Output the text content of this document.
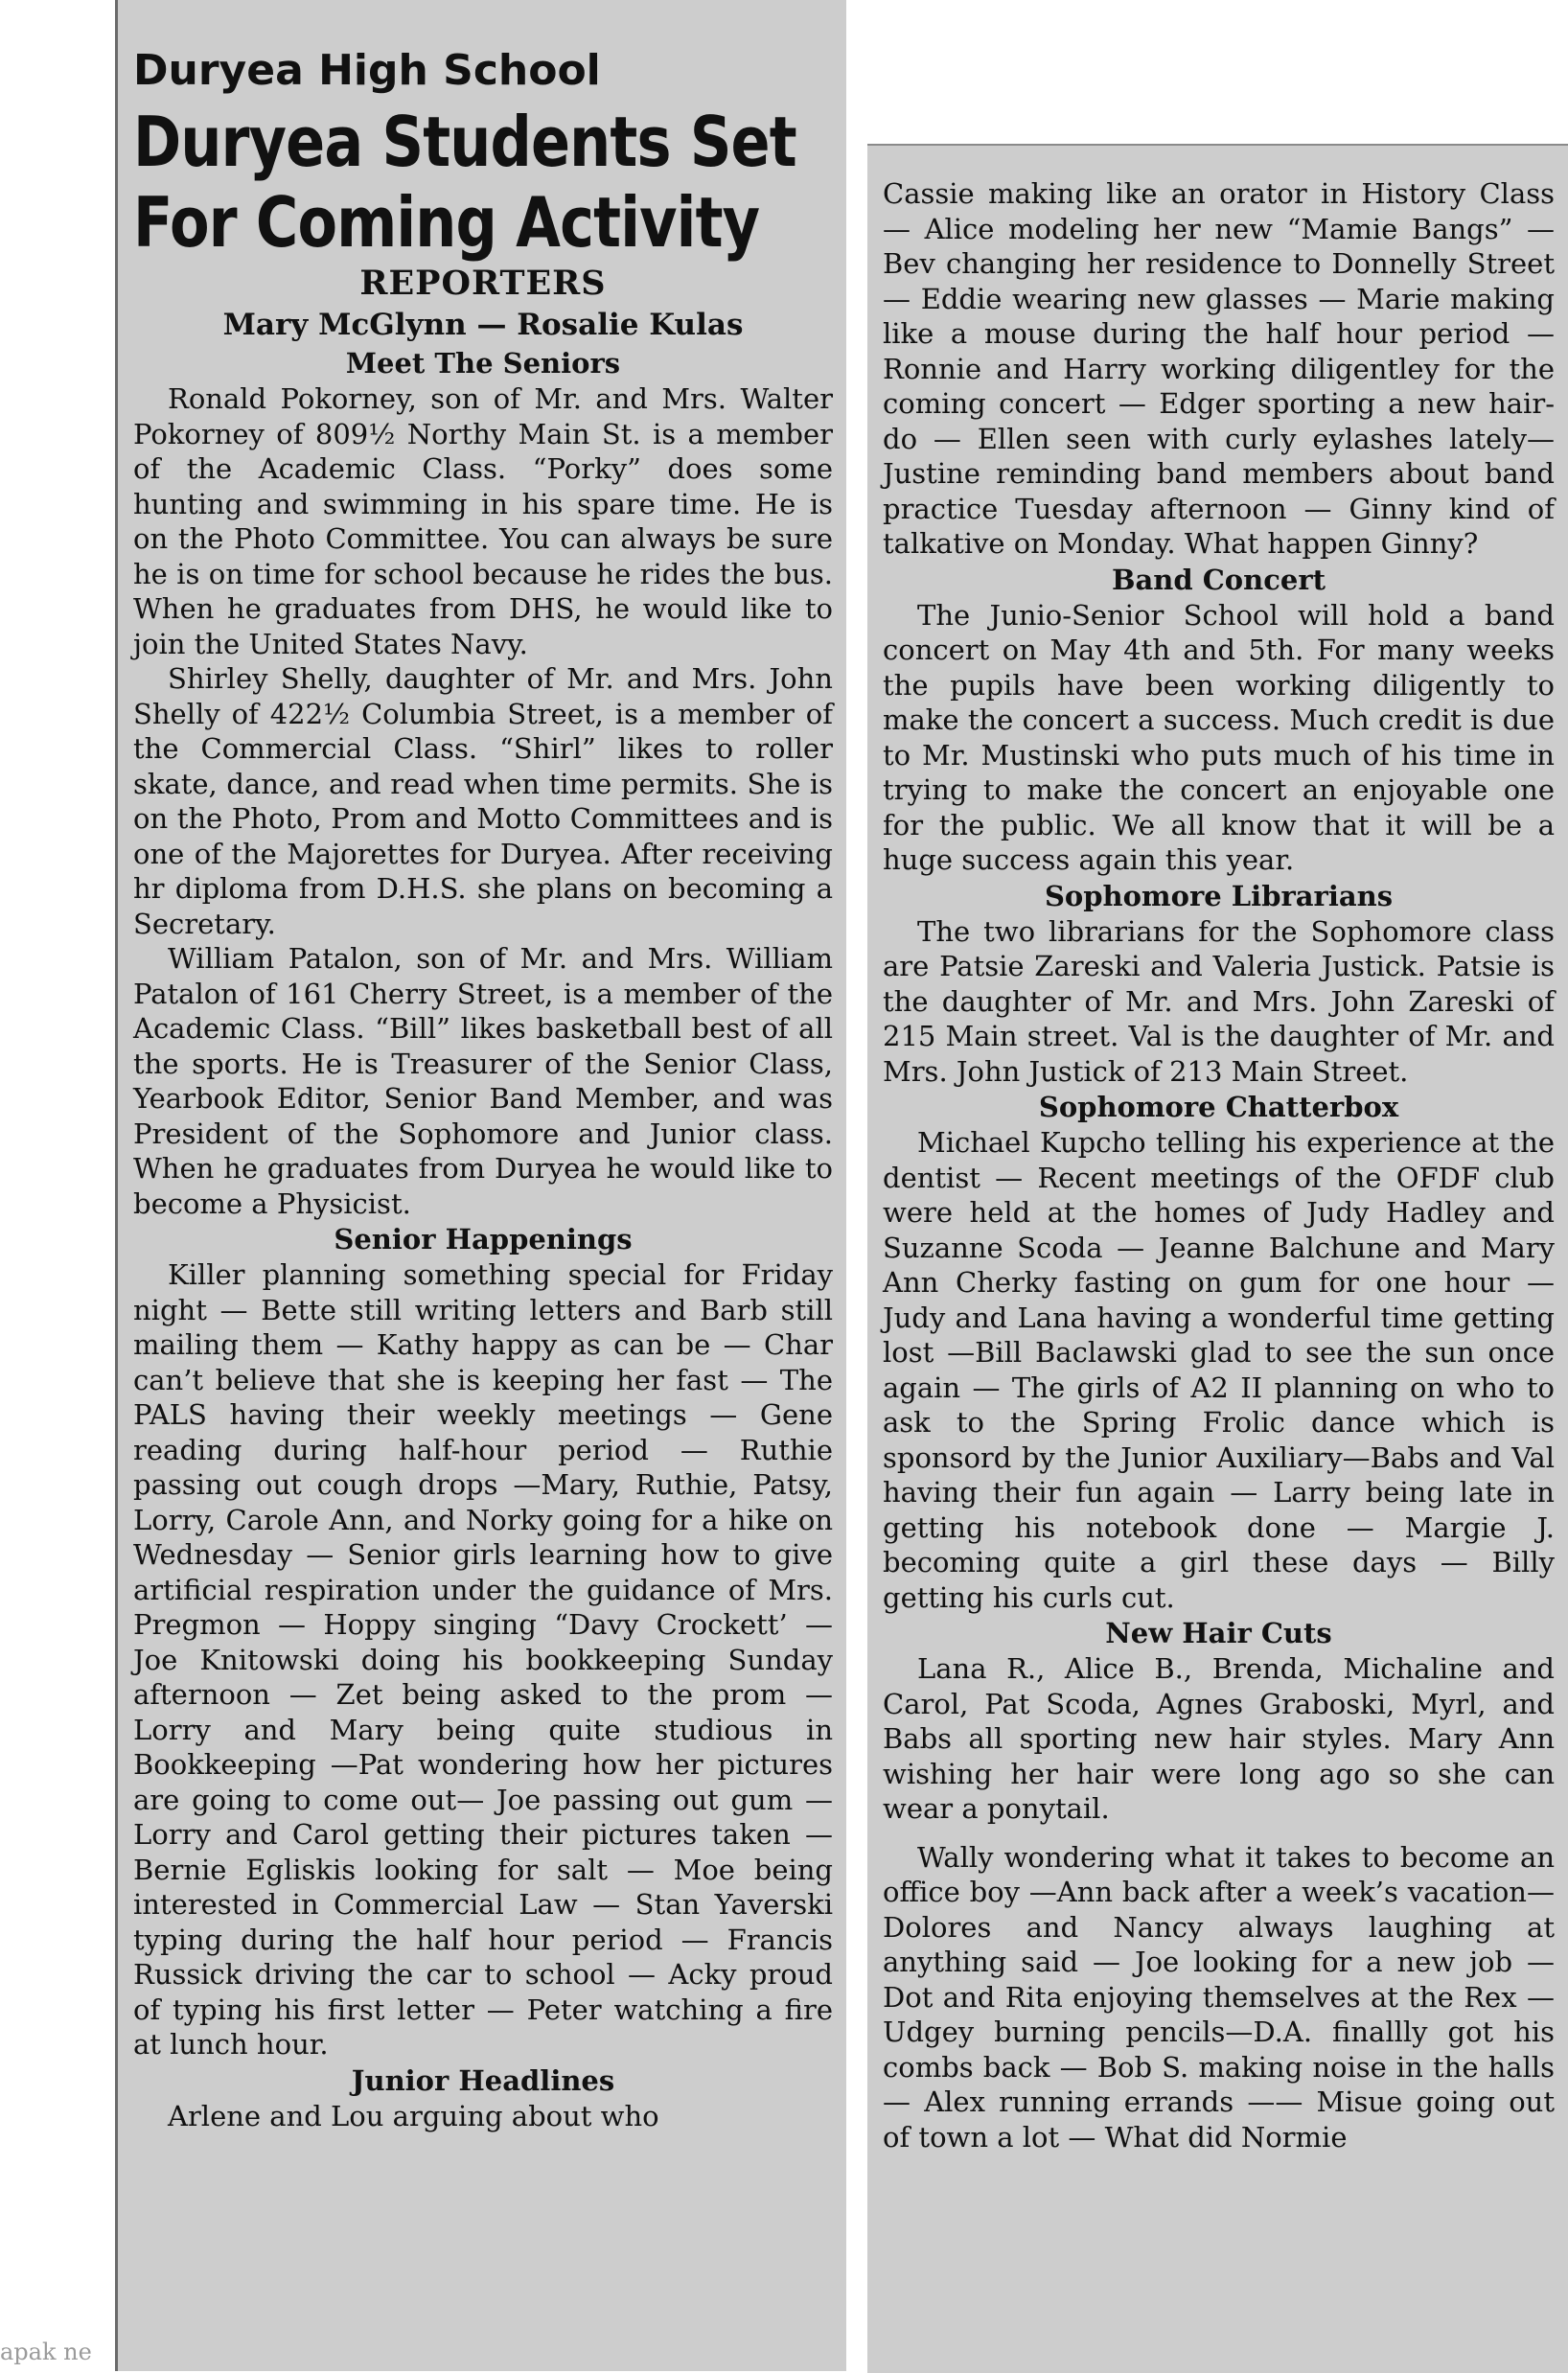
Duryea High School
Duryea Students Set
For Coming Activity
REPORTERS
Mary McGlynn — Rosalie Kulas
Meet The Seniors

Ronald Pokorney, son of Mr. and Mrs. Walter Pokorney of 809½ Northy Main St. is a member of the Academic Class. “Porky” does some hunting and swimming in his spare time. He is on the Photo Committee. You can always be sure he is on time for school because he rides the bus. When he graduates from DHS, he would like to join the United States Navy.

Shirley Shelly, daughter of Mr. and Mrs. John Shelly of 422½ Columbia Street, is a member of the Commercial Class. “Shirl” likes to roller skate, dance, and read when time permits. She is on the Photo, Prom and Motto Committees and is one of the Majorettes for Duryea. After receiving hr diploma from D.H.S. she plans on becoming a Secretary.

William Patalon, son of Mr. and Mrs. William Patalon of 161 Cherry Street, is a member of the Academic Class. “Bill” likes basketball best of all the sports. He is Treasurer of the Senior Class, Yearbook Editor, Senior Band Member, and was President of the Sophomore and Junior class. When he graduates from Duryea he would like to become a Physicist.

Senior Happenings

Killer planning something special for Friday night — Bette still writing letters and Barb still mailing them — Kathy happy as can be — Char can’t believe that she is keeping her fast — The PALS having their weekly meetings — Gene reading during half-hour period — Ruthie passing out cough drops —Mary, Ruthie, Patsy, Lorry, Carole Ann, and Norky going for a hike on Wednesday — Senior girls learning how to give artificial respiration under the guidance of Mrs. Pregmon — Hoppy singing “Davy Crockett’ — Joe Knitowski doing his bookkeeping Sunday afternoon — Zet being asked to the prom — Lorry and Mary being quite studious in Bookkeeping —Pat wondering how her pictures are going to come out— Joe passing out gum — Lorry and Carol getting their pictures taken — Bernie Egliskis looking for salt — Moe being interested in Commercial Law — Stan Yaverski typing during the half hour period — Francis Russick driving the car to school — Acky proud of typing his first letter — Peter watching a fire at lunch hour.

Junior Headlines

Arlene and Lou arguing about who

Cassie making like an orator in History Class — Alice modeling her new “Mamie Bangs” — Bev changing her residence to Donnelly Street — Eddie wearing new glasses — Marie making like a mouse during the half hour period — Ronnie and Harry working diligentley for the coming concert — Edger sporting a new hair-do — Ellen seen with curly eylashes lately—Justine reminding band members about band practice Tuesday afternoon — Ginny kind of talkative on Monday. What happen Ginny?

Band Concert

The Junio-Senior School will hold a band concert on May 4th and 5th. For many weeks the pupils have been working diligently to make the concert a success. Much credit is due to Mr. Mustinski who puts much of his time in trying to make the concert an enjoyable one for the public. We all know that it will be a huge success again this year.

Sophomore Librarians

The two librarians for the Sophomore class are Patsie Zareski and Valeria Justick. Patsie is the daughter of Mr. and Mrs. John Zareski of 215 Main street. Val is the daughter of Mr. and Mrs. John Justick of 213 Main Street.

Sophomore Chatterbox

Michael Kupcho telling his experience at the dentist — Recent meetings of the OFDF club were held at the homes of Judy Hadley and Suzanne Scoda — Jeanne Balchune and Mary Ann Cherky fasting on gum for one hour — Judy and Lana having a wonderful time getting lost —Bill Baclawski glad to see the sun once again — The girls of A2 II planning on who to ask to the Spring Frolic dance which is sponsord by the Junior Auxiliary—Babs and Val having their fun again — Larry being late in getting his notebook done — Margie J. becoming quite a girl these days — Billy getting his curls cut.

New Hair Cuts

Lana R., Alice B., Brenda, Michaline and Carol, Pat Scoda, Agnes Graboski, Myrl, and Babs all sporting new hair styles. Mary Ann wishing her hair were long ago so she can wear a ponytail.

Wally wondering what it takes to become an office boy —Ann back after a week’s vacation—Dolores and Nancy always laughing at anything said — Joe looking for a new job — Dot and Rita enjoying themselves at the Rex — Udgey burning pencils—D.A. finallly got his combs back — Bob S. making noise in the halls — Alex running errands —— Misue going out of town a lot — What did Normie

apak ne
